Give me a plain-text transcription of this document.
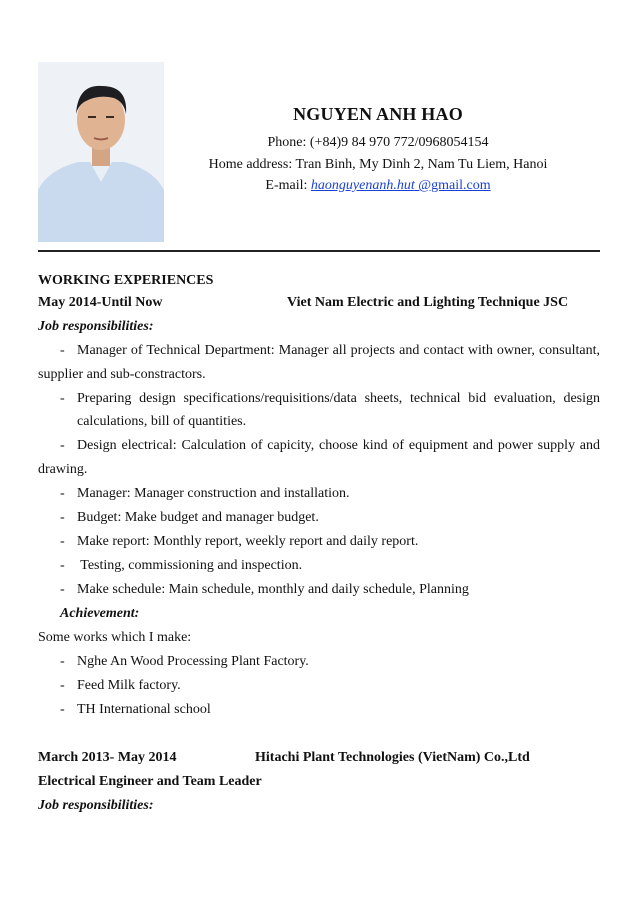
NGUYEN ANH HAO
Phone: (+84)9 84 970 772/0968054154
Home address: Tran Binh, My Dinh 2, Nam Tu Liem, Hanoi
E-mail: haonguyenanh.hut @gmail.com
WORKING EXPERIENCES
May 2014-Until Now	Viet Nam Electric and Lighting Technique JSC
Job responsibilities:
- Manager of Technical Department: Manager all projects and contact with owner, consultant,
supplier and sub-constractors.
- Preparing design specifications/requisitions/data sheets, technical bid evaluation, design
calculations, bill of quantities.
- Design electrical: Calculation of capicity, choose kind of equipment and power supply and
drawing.
- Manager: Manager construction and installation.
- Budget: Make budget and manager budget.
- Make report: Monthly report, weekly report and daily report.
- Testing, commissioning and inspection.
- Make schedule: Main schedule, monthly and daily schedule, Planning
Achievement:
Some works which I make:
- Nghe An Wood Processing Plant Factory.
- Feed Milk factory.
- TH International school
March 2013- May 2014	Hitachi Plant Technologies (VietNam) Co.,Ltd
Electrical Engineer and Team Leader
Job responsibilities:
